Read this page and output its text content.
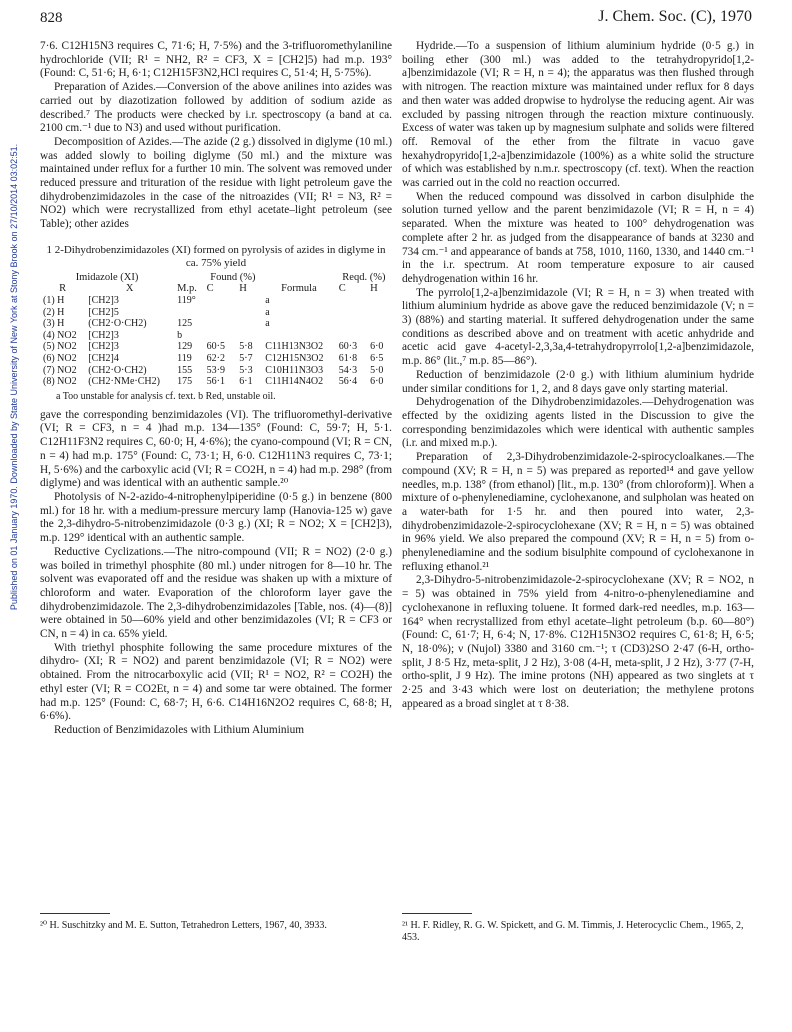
828	J. Chem. Soc. (C), 1970
Published on 01 January 1970. Downloaded by State University of New York at Stony Brook on 27/10/2014 03:02:51.

7·6. C12H15N3 requires C, 71·6; H, 7·5%) and the 3-trifluoromethylaniline hydrochloride (VII; R¹ = NH2, R² = CF3, X = [CH2]5) had m.p. 193° (Found: C, 51·6; H, 6·1; C12H15F3N2,HCl requires C, 51·4; H, 5·75%).

Preparation of Azides.—Conversion of the above anilines into azides was carried out by diazotization followed by addition of sodium azide as described.⁷ The products were checked by i.r. spectroscopy (a band at ca. 2100 cm.⁻¹ due to N3) and used without purification.

Decomposition of Azides.—The azide (2 g.) dissolved in diglyme (10 ml.) was added slowly to boiling diglyme (50 ml.) and the mixture was maintained under reflux for a further 10 min. The solvent was removed under reduced pressure and trituration of the residue with light petroleum gave the dihydrobenzimidazoles in the case of the nitroazides (VII; R¹ = N3, R² = NO2) which were recrystallized from ethyl acetate–light petroleum (see Table); other azides

1 2-Dihydrobenzimidazoles (XI) formed on pyrolysis of azides in diglyme in ca. 75% yield
Imidazole (XI)			Found (%)			Reqd. (%)	
R	X	M.p.	C	H	Formula	C	H
(1) H	[CH2]3	119°			a		
(2) H	[CH2]5				a		
(3) H	(CH2·O·CH2)	125			a		
(4) NO2	[CH2]3	b					
(5) NO2	[CH2]3	129	60·5	5·8	C11H13N3O2	60·3	6·0
(6) NO2	[CH2]4	119	62·2	5·7	C12H15N3O2	61·8	6·5
(7) NO2	(CH2·O·CH2)	155	53·9	5·3	C10H11N3O3	54·3	5·0
(8) NO2	(CH2·NMe·CH2)	175	56·1	6·1	C11H14N4O2	56·4	6·0
a Too unstable for analysis cf. text. b Red, unstable oil.

gave the corresponding benzimidazoles (VI). The trifluoromethyl-derivative (VI; R = CF3, n = 4 )had m.p. 134—135° (Found: C, 59·7; H, 5·1. C12H11F3N2 requires C, 60·0; H, 4·6%); the cyano-compound (VI; R = CN, n = 4) had m.p. 175° (Found: C, 73·1; H, 6·0. C12H11N3 requires C, 73·1; H, 5·6%) and the carboxylic acid (VI; R = CO2H, n = 4) had m.p. 298° (from diglyme) and was identical with an authentic sample.²⁰

Photolysis of N-2-azido-4-nitrophenylpiperidine (0·5 g.) in benzene (800 ml.) for 18 hr. with a medium-pressure mercury lamp (Hanovia-125 w) gave the 2,3-dihydro-5-nitrobenzimidazole (0·3 g.) (XI; R = NO2; X = [CH2]3), m.p. 129° identical with an authentic sample.

Reductive Cyclizations.—The nitro-compound (VII; R = NO2) (2·0 g.) was boiled in trimethyl phosphite (80 ml.) under nitrogen for 8—10 hr. The solvent was evaporated off and the residue was shaken up with a mixture of chloroform and water. Evaporation of the chloroform layer gave the dihydrobenzimidazole. The 2,3-dihydrobenzimidazoles [Table, nos. (4)—(8)] were obtained in 50—60% yield and other benzimidazoles (VI; R = CF3 or CN, n = 4) in ca. 65% yield.

With triethyl phosphite following the same procedure mixtures of the dihydro- (XI; R = NO2) and parent benzimidazole (VI; R = NO2) were obtained. From the nitrocarboxylic acid (VII; R¹ = NO2, R² = CO2H) the ethyl ester (VI; R = CO2Et, n = 4) and some tar were obtained. The former had m.p. 125° (Found: C, 68·7; H, 6·6. C14H16N2O2 requires C, 68·8; H, 6·6%).

Reduction of Benzimidazoles with Lithium Aluminium

Hydride.—To a suspension of lithium aluminium hydride (0·5 g.) in boiling ether (300 ml.) was added to the tetrahydropyrido[1,2-a]benzimidazole (VI; R = H, n = 4); the apparatus was then flushed through with nitrogen. The reaction mixture was maintained under reflux for 8 days and then water was added dropwise to hydrolyse the reducing agent. Air was excluded by passing nitrogen through the reaction mixture continuously. Excess of water was taken up by magnesium sulphate and solids were filtered off. Removal of the ether from the filtrate in vacuo gave hexahydropyrido[1,2-a]benzimidazole (100%) as a white solid the structure of which was established by n.m.r. spectroscopy (cf. text). When the reaction was carried out in the cold no reaction occurred.

When the reduced compound was dissolved in carbon disulphide the solution turned yellow and the parent benzimidazole (VI; R = H, n = 4) separated. When the mixture was heated to 100° dehydrogenation was complete after 2 hr. as judged from the disappearance of bands at 3230 and 734 cm.⁻¹ and appearance of bands at 758, 1010, 1160, 1330, and 1440 cm.⁻¹ in the i.r. spectrum. At room temperature exposure to air caused dehydrogenation within 16 hr.

The pyrrolo[1,2-a]benzimidazole (VI; R = H, n = 3) when treated with lithium aluminium hydride as above gave the reduced benzimidazole (V; n = 3) (88%) and starting material. It suffered dehydrogenation under the same conditions as described above and on treatment with acetic anhydride and acetic acid gave 4-acetyl-2,3,3a,4-tetrahydropyrrolo[1,2-a]benzimidazole, m.p. 86° (lit.,⁷ m.p. 85—86°).

Reduction of benzimidazole (2·0 g.) with lithium aluminium hydride under similar conditions for 1, 2, and 8 days gave only starting material.

Dehydrogenation of the Dihydrobenzimidazoles.—Dehydrogenation was effected by the oxidizing agents listed in the Discussion to give the corresponding benzimidazoles which were identical with authentic samples (i.r. and mixed m.p.).

Preparation of 2,3-Dihydrobenzimidazole-2-spirocycloalkanes.—The compound (XV; R = H, n = 5) was prepared as reported¹⁴ and gave yellow needles, m.p. 138° (from ethanol) [lit., m.p. 130° (from chloroform)]. When a mixture of o-phenylenediamine, cyclohexanone, and sulpholan was heated on a water-bath for 1·5 hr. and then poured into water, 2,3-dihydrobenzimidazole-2-spirocyclohexane (XV; R = H, n = 5) was obtained in 96% yield. We also prepared the compound (XV; R = H, n = 5) from o-phenylenediamine and the sodium bisulphite compound of cyclohexanone in refluxing ethanol.²¹

2,3-Dihydro-5-nitrobenzimidazole-2-spirocyclohexane (XV; R = NO2, n = 5) was obtained in 75% yield from 4-nitro-o-phenylenediamine and cyclohexanone in refluxing toluene. It formed dark-red needles, m.p. 163—164° when recrystallized from ethyl acetate–light petroleum (b.p. 60—80°) (Found: C, 61·7; H, 6·4; N, 17·8%. C12H15N3O2 requires C, 61·8; H, 6·5; N, 18·0%); ν (Nujol) 3380 and 3160 cm.⁻¹; τ (CD3)2SO 2·47 (6-H, ortho-split, J 8·5 Hz, meta-split, J 2 Hz), 3·08 (4-H, meta-split, J 2 Hz), 3·77 (7-H, ortho-split, J 9 Hz). The imine protons (NH) appeared as two singlets at τ 2·25 and 3·43 which were lost on deuteriation; the methylene protons appeared as a broad singlet at τ 8·38.

²⁰ H. Suschitzky and M. E. Sutton, Tetrahedron Letters, 1967, 40, 3933.	²¹ H. F. Ridley, R. G. W. Spickett, and G. M. Timmis, J. Heterocyclic Chem., 1965, 2, 453.
